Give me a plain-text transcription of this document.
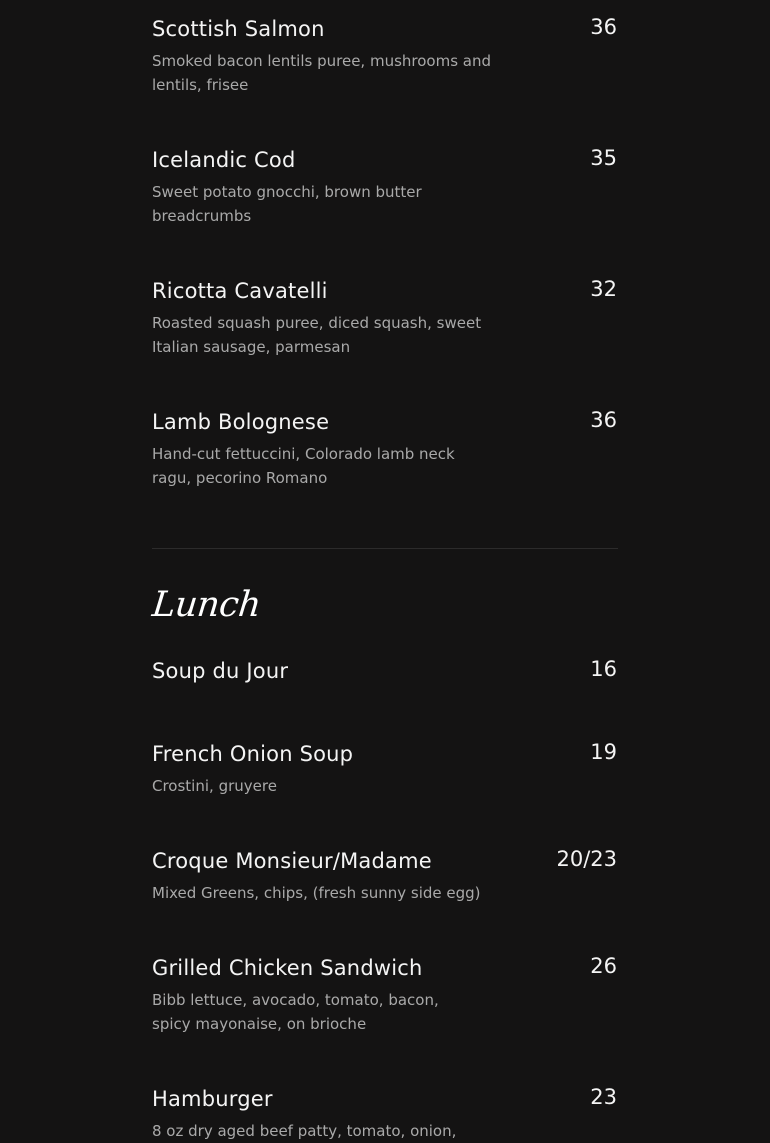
Scottish Salmon	36
Smoked bacon lentils puree, mushrooms and lentils, frisee
Icelandic Cod	35
Sweet potato gnocchi, brown butter breadcrumbs
Ricotta Cavatelli	32
Roasted squash puree, diced squash, sweet Italian sausage, parmesan
Lamb Bolognese	36
Hand-cut fettuccini, Colorado lamb neck ragu, pecorino Romano
Lunch
Soup du Jour	16
French Onion Soup	19
Crostini, gruyere
Croque Monsieur/Madame	20/23
Mixed Greens, chips, (fresh sunny side egg)
Grilled Chicken Sandwich	26
Bibb lettuce, avocado, tomato, bacon, spicy mayonaise, on brioche
Hamburger	23
8 oz dry aged beef patty, tomato, onion,
